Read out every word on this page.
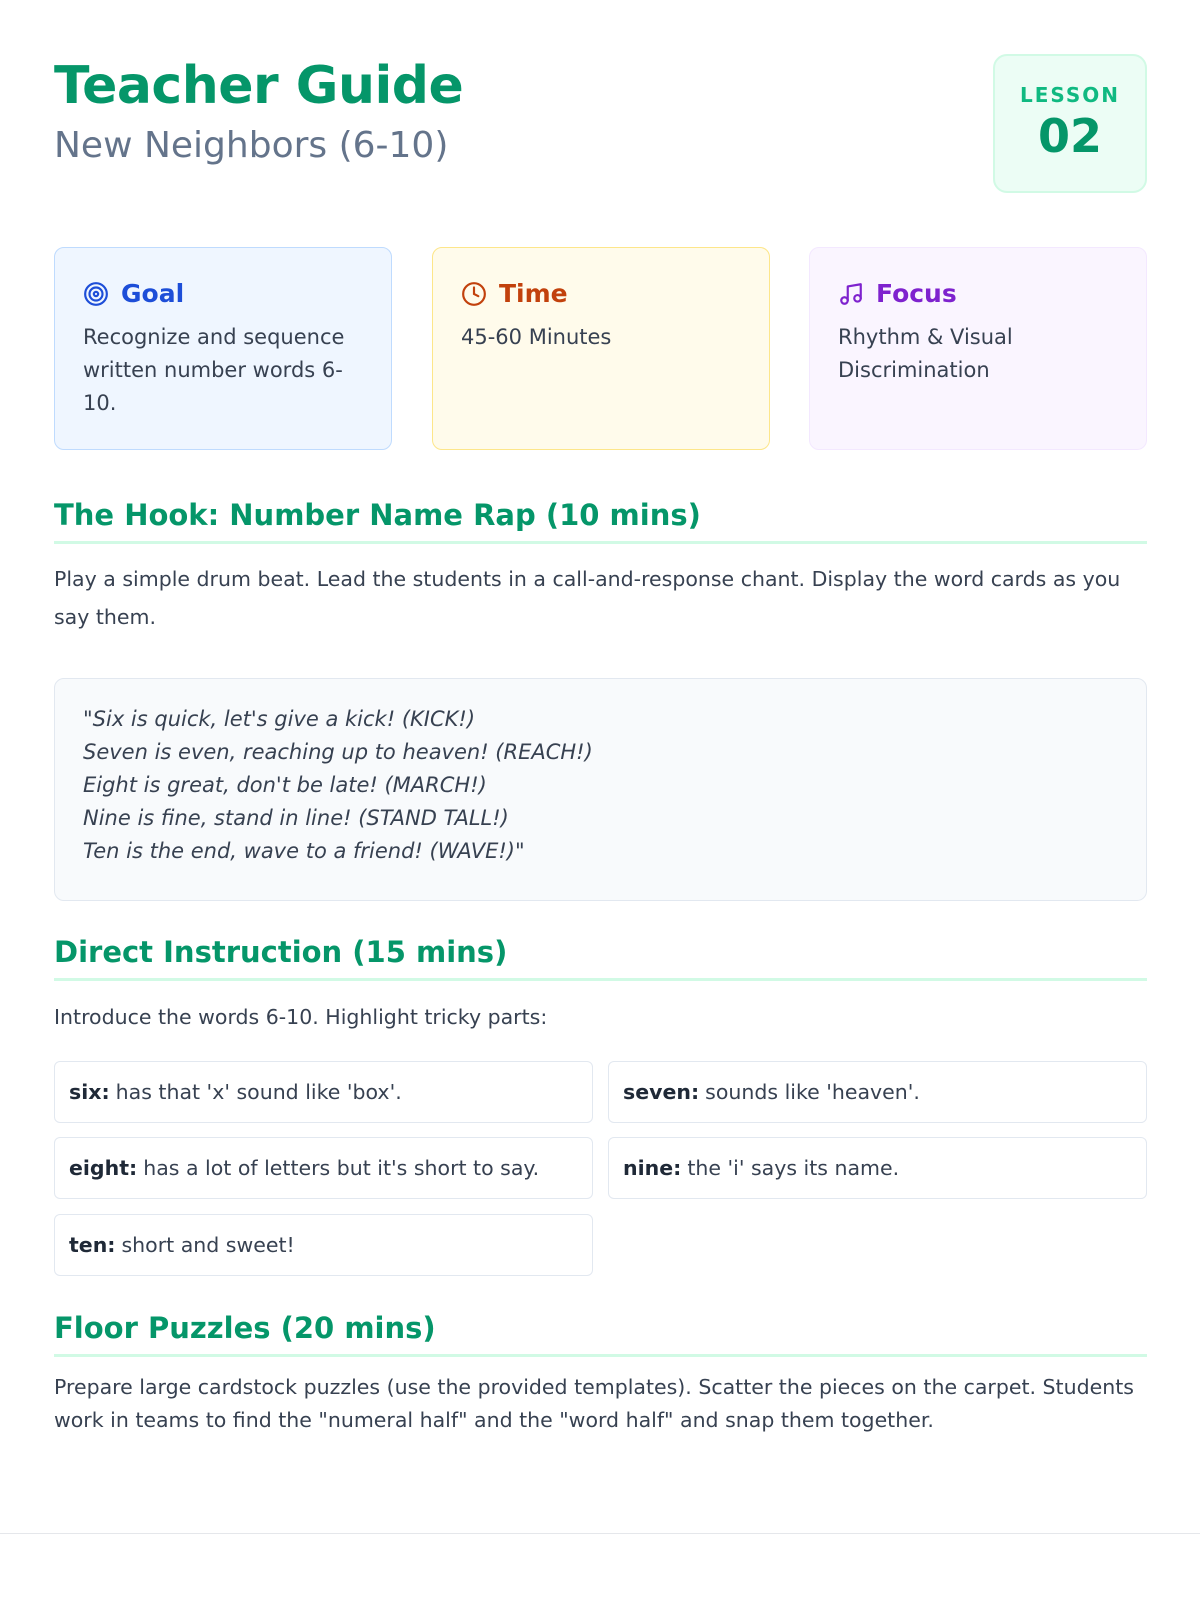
Teacher Guide
New Neighbors (6-10)
LESSON
02
Goal
Recognize and sequence written number words 6-10.
Time
45-60 Minutes
Focus
Rhythm & Visual Discrimination
The Hook: Number Name Rap (10 mins)
Play a simple drum beat. Lead the students in a call-and-response chant. Display the word cards as you say them.
"Six is quick, let's give a kick! (KICK!)
Seven is even, reaching up to heaven! (REACH!)
Eight is great, don't be late! (MARCH!)
Nine is fine, stand in line! (STAND TALL!)
Ten is the end, wave to a friend! (WAVE!)"
Direct Instruction (15 mins)
Introduce the words 6-10. Highlight tricky parts:
six: has that 'x' sound like 'box'.	seven: sounds like 'heaven'.
eight: has a lot of letters but it's short to say.	nine: the 'i' says its name.
ten: short and sweet!
Floor Puzzles (20 mins)
Prepare large cardstock puzzles (use the provided templates). Scatter the pieces on the carpet. Students work in teams to find the "numeral half" and the "word half" and snap them together.
